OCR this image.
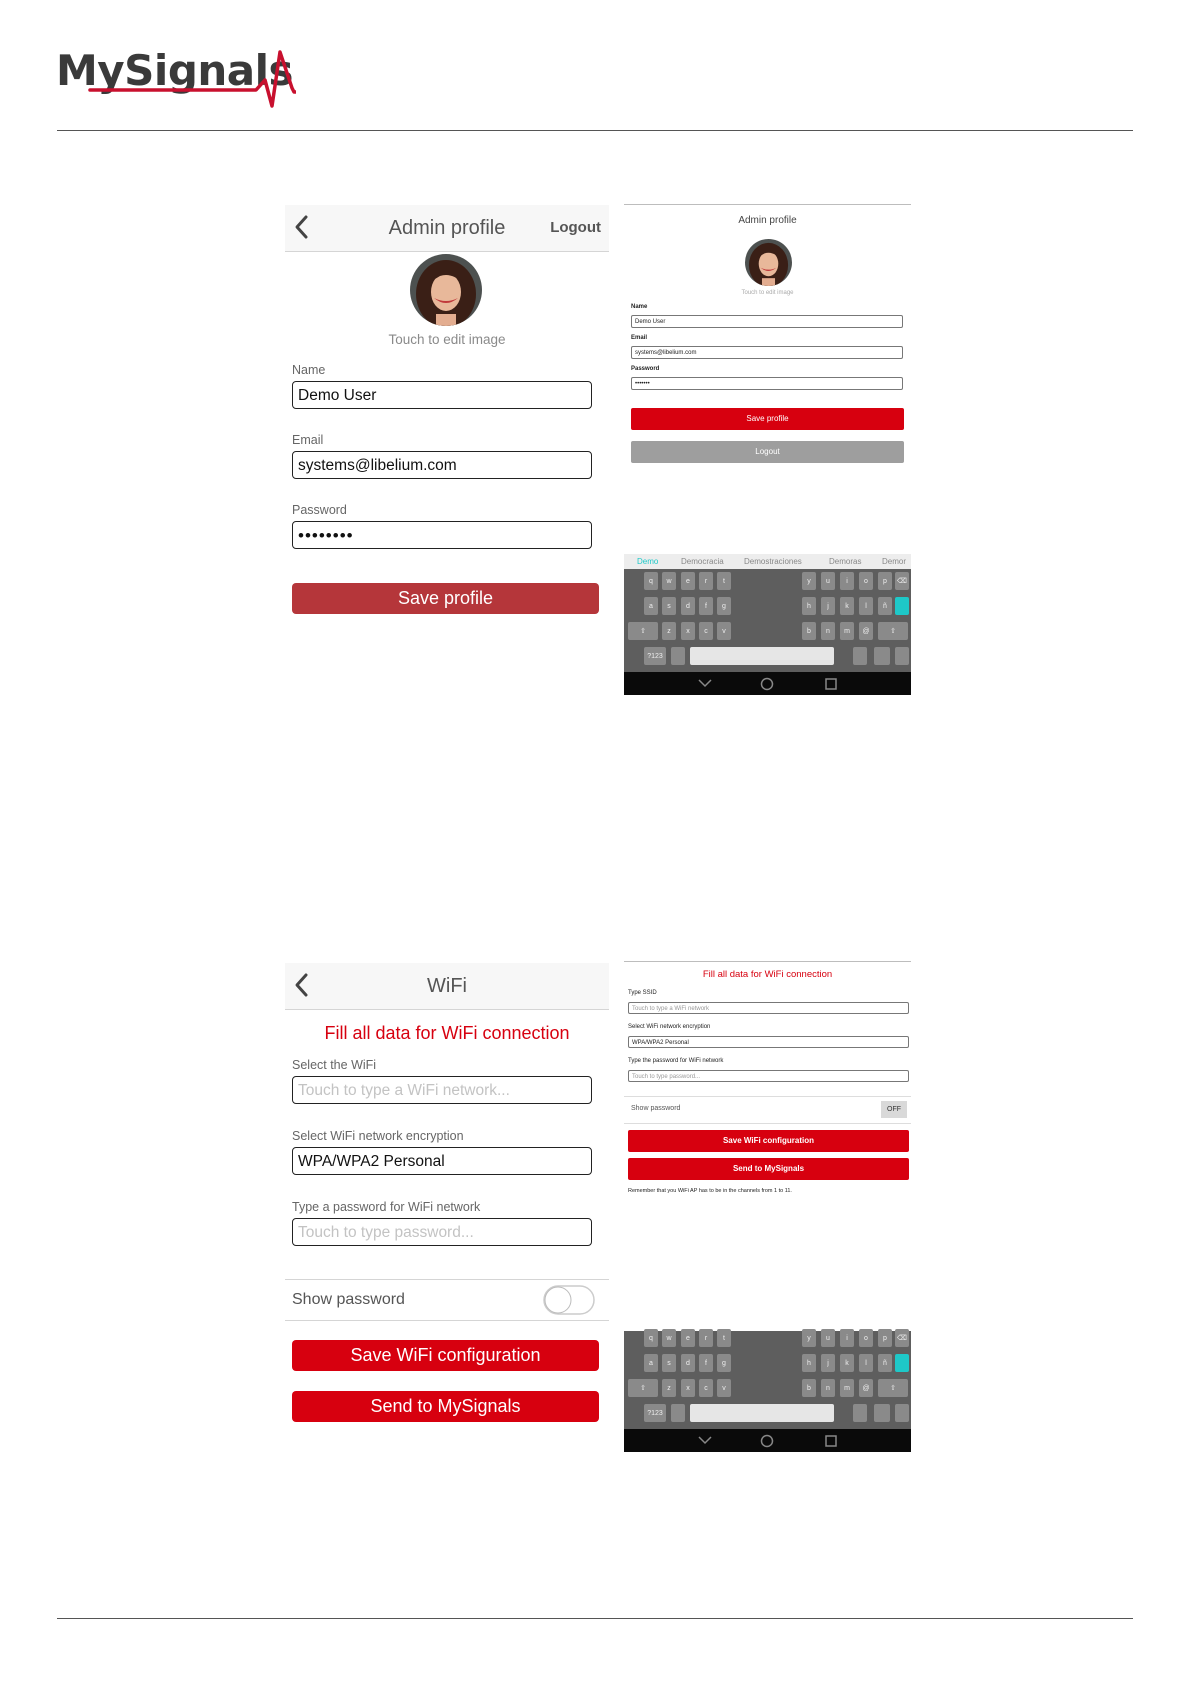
MySignals
Admin profile	Logout
Touch to edit image
Name
Demo User
Email
systems@libelium.com
Password
••••••••
Save profile
Admin profile
Touch to edit image
Name
Demo User
Email
systems@libelium.com
Password
•••••••
Save profile
Logout
Demo	Democracia	Demostraciones	Demoras	Demor
q	w	e	r	t	y	u	i	o	p	⌫
a	s	d	f	g	h	j	k	l	ñ
z	x	c	v	b	n	m	@
⇧	⇧
?123
WiFi
Fill all data for WiFi connection
Select the WiFi
Touch to type a WiFi network...
Select WiFi network encryption
WPA/WPA2 Personal
Type a password for WiFi network
Touch to type password...
Show password
Save WiFi configuration
Send to MySignals
Fill all data for WiFi connection
Type SSID
Touch to type a WiFi network
Select WiFi network encryption
WPA/WPA2 Personal
Type the password for WiFi network
Touch to type password...
Show password	OFF
Save WiFi configuration
Send to MySignals
Remember that you WiFi AP has to be in the channels from 1 to 11.
q	w	e	r	t	y	u	i	o	p	⌫
a	s	d	f	g	h	j	k	l	ñ
z	x	c	v	b	n	m	@
⇧	⇧
?123
